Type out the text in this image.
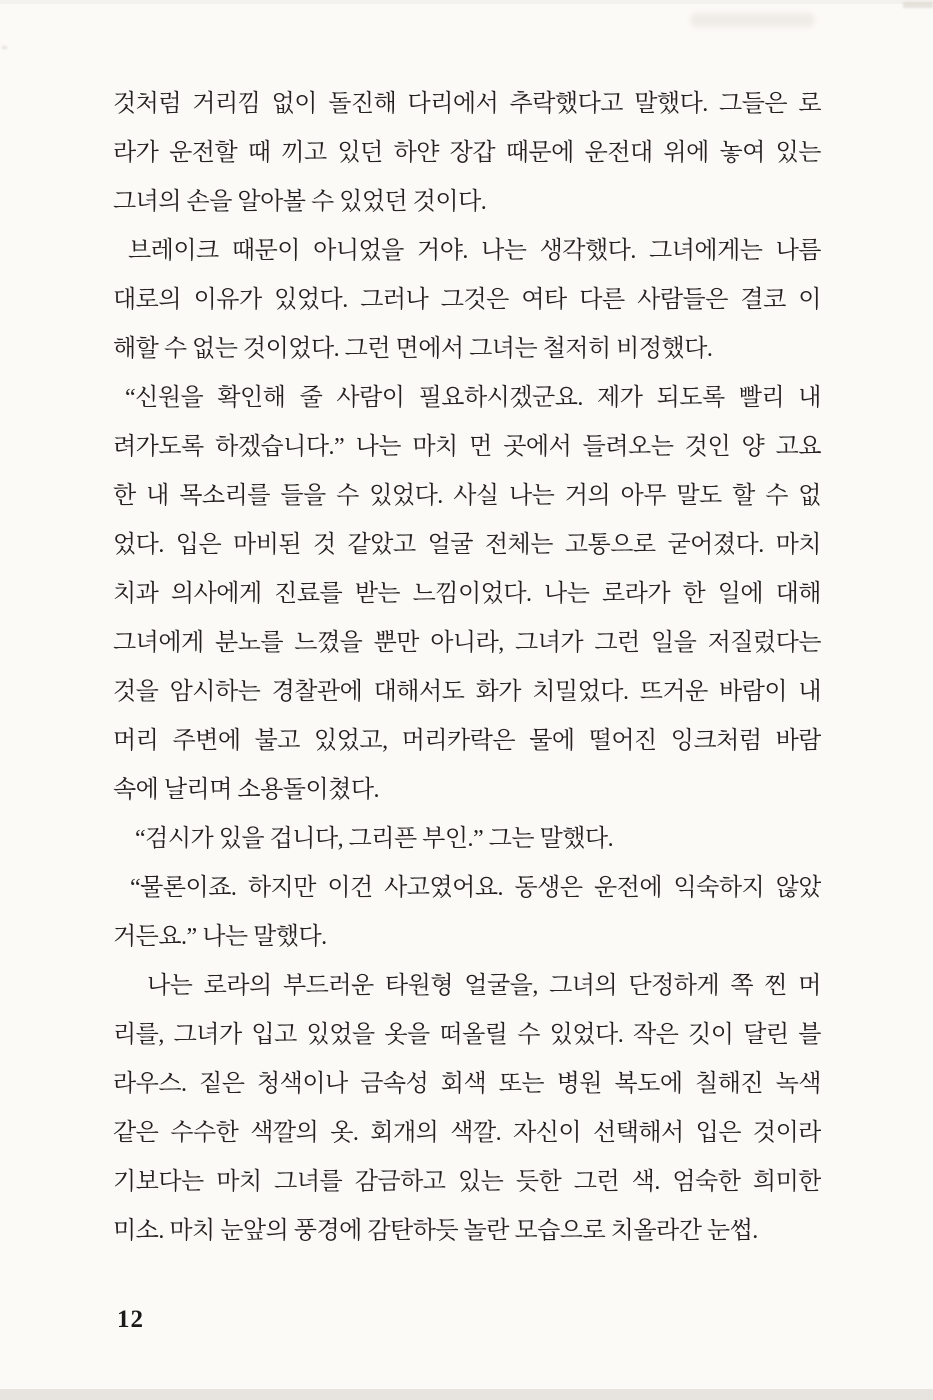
것처럼 거리낌 없이 돌진해 다리에서 추락했다고 말했다. 그들은 로
라가 운전할 때 끼고 있던 하얀 장갑 때문에 운전대 위에 놓여 있는
그녀의 손을 알아볼 수 있었던 것이다.
브레이크 때문이 아니었을 거야. 나는 생각했다. 그녀에게는 나름
대로의 이유가 있었다. 그러나 그것은 여타 다른 사람들은 결코 이
해할 수 없는 것이었다. 그런 면에서 그녀는 철저히 비정했다.
“신원을 확인해 줄 사람이 필요하시겠군요. 제가 되도록 빨리 내
려가도록 하겠습니다.” 나는 마치 먼 곳에서 들려오는 것인 양 고요
한 내 목소리를 들을 수 있었다. 사실 나는 거의 아무 말도 할 수 없
었다. 입은 마비된 것 같았고 얼굴 전체는 고통으로 굳어졌다. 마치
치과 의사에게 진료를 받는 느낌이었다. 나는 로라가 한 일에 대해
그녀에게 분노를 느꼈을 뿐만 아니라, 그녀가 그런 일을 저질렀다는
것을 암시하는 경찰관에 대해서도 화가 치밀었다. 뜨거운 바람이 내
머리 주변에 불고 있었고, 머리카락은 물에 떨어진 잉크처럼 바람
속에 날리며 소용돌이쳤다.
“검시가 있을 겁니다, 그리픈 부인.” 그는 말했다.
“물론이죠. 하지만 이건 사고였어요. 동생은 운전에 익숙하지 않았
거든요.” 나는 말했다.
나는 로라의 부드러운 타원형 얼굴을, 그녀의 단정하게 쪽 찐 머
리를, 그녀가 입고 있었을 옷을 떠올릴 수 있었다. 작은 깃이 달린 블
라우스. 짙은 청색이나 금속성 회색 또는 병원 복도에 칠해진 녹색
같은 수수한 색깔의 옷. 회개의 색깔. 자신이 선택해서 입은 것이라
기보다는 마치 그녀를 감금하고 있는 듯한 그런 색. 엄숙한 희미한
미소. 마치 눈앞의 풍경에 감탄하듯 놀란 모습으로 치올라간 눈썹.
12
